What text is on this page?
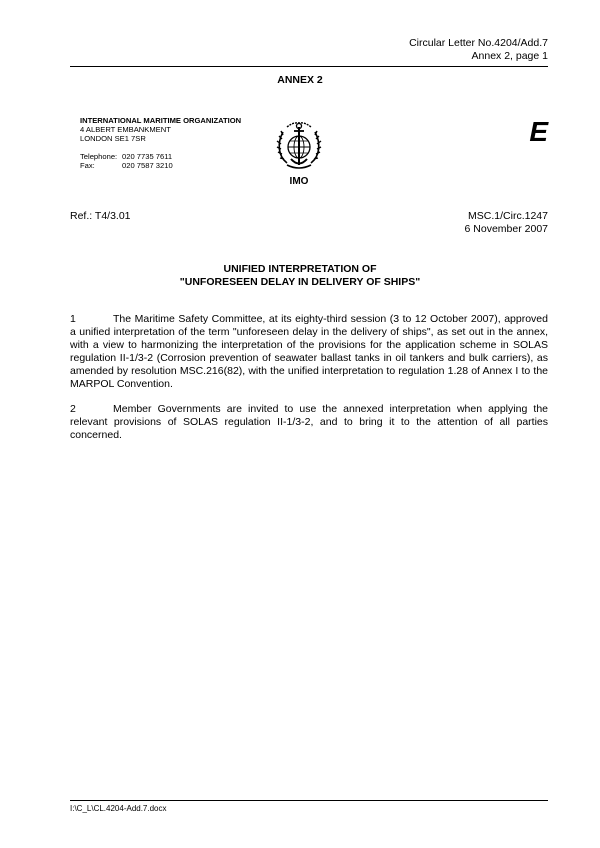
Circular Letter No.4204/Add.7
Annex 2, page 1
ANNEX 2
INTERNATIONAL MARITIME ORGANIZATION
4 ALBERT EMBANKMENT
LONDON SE1 7SR
Telephone: 020 7735 7611
Fax:	020 7587 3210
IMO
E
Ref.: T4/3.01	MSC.1/Circ.1247
6 November 2007
UNIFIED INTERPRETATION OF
"UNFORESEEN DELAY IN DELIVERY OF SHIPS"
1	The Maritime Safety Committee, at its eighty-third session (3 to 12 October 2007), approved a unified interpretation of the term "unforeseen delay in the delivery of ships", as set out in the annex, with a view to harmonizing the interpretation of the provisions for the application scheme in SOLAS regulation II-1/3-2 (Corrosion prevention of seawater ballast tanks in oil tankers and bulk carriers), as amended by resolution MSC.216(82), with the unified interpretation to regulation 1.28 of Annex I to the MARPOL Convention.
2	Member Governments are invited to use the annexed interpretation when applying the relevant provisions of SOLAS regulation II-1/3-2, and to bring it to the attention of all parties concerned.
I:\C_L\CL.4204-Add.7.docx
